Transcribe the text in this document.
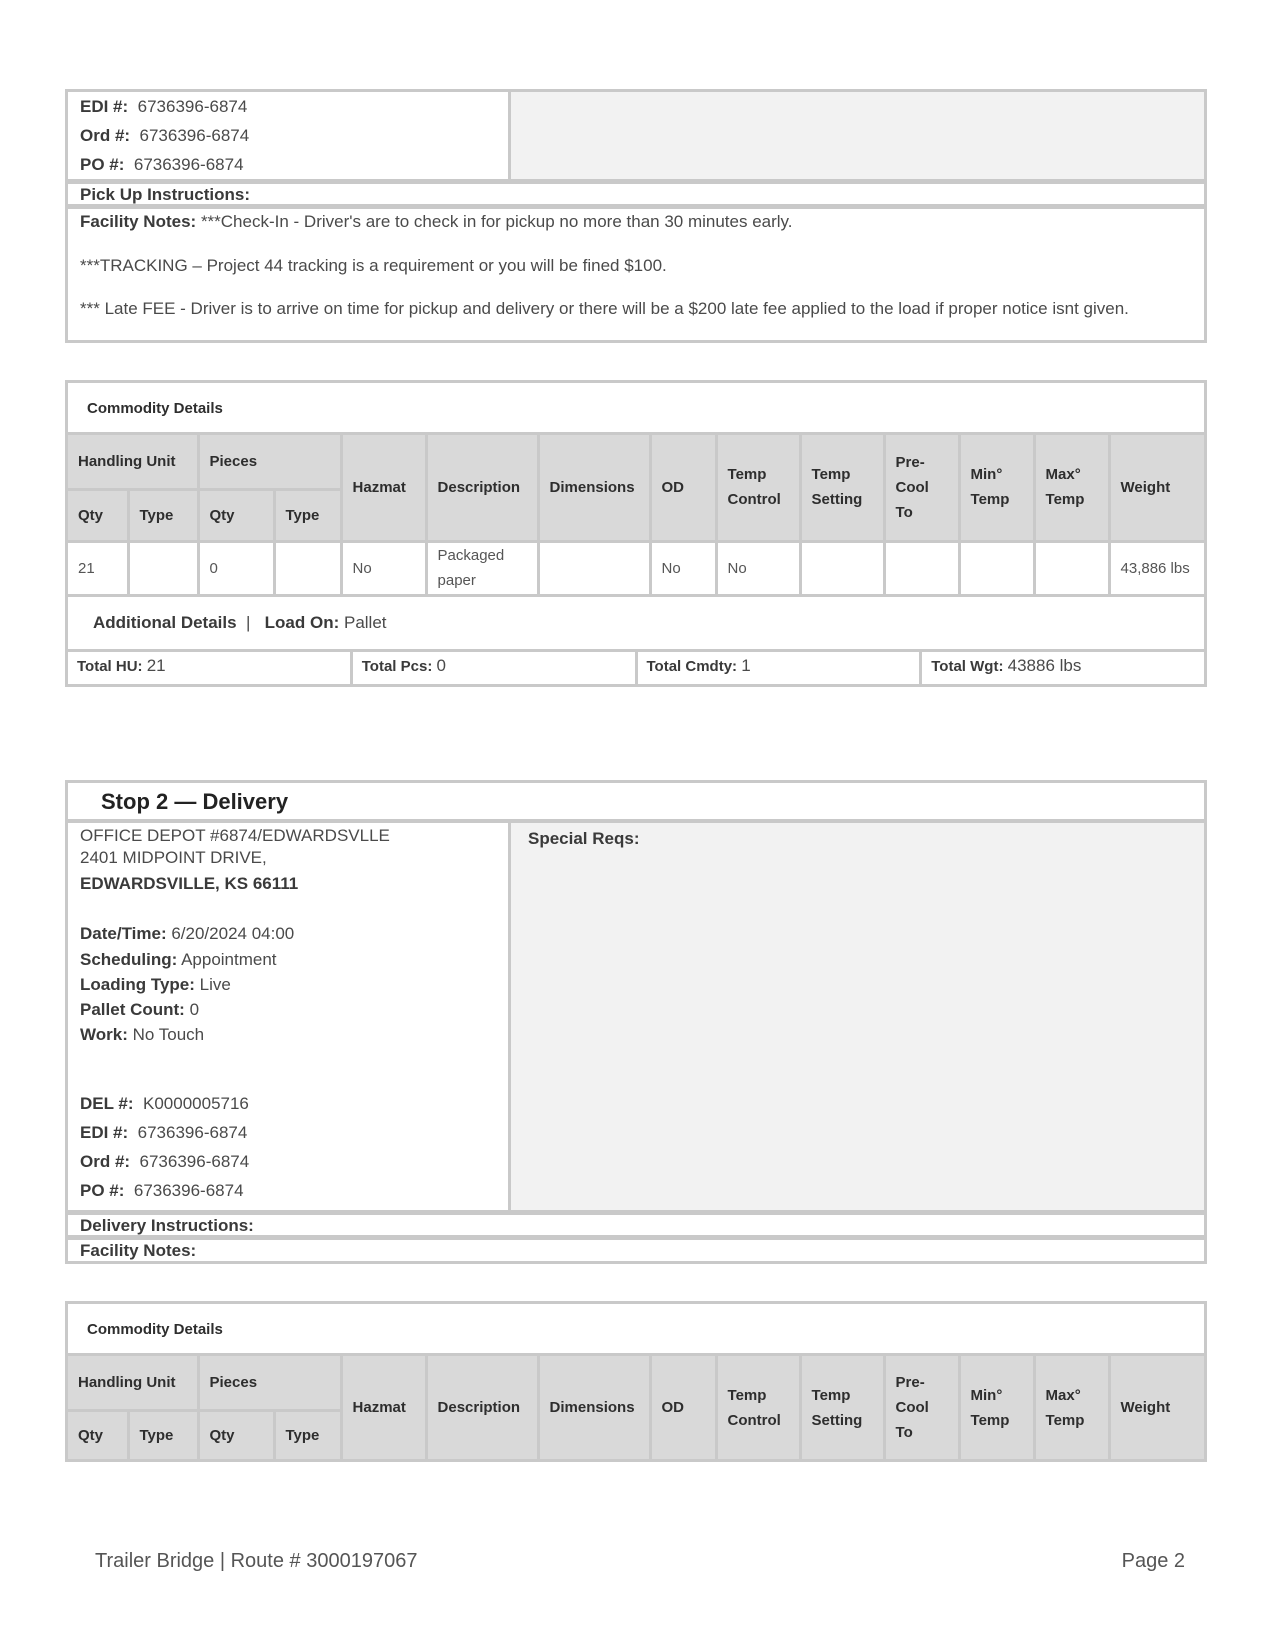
EDI #: 6736396-6874
Ord #: 6736396-6874
PO #: 6736396-6874
Pick Up Instructions:
Facility Notes: ***Check-In - Driver's are to check in for pickup no more than 30 minutes early.
***TRACKING – Project 44 tracking is a requirement or you will be fined $100.
*** Late FEE - Driver is to arrive on time for pickup and delivery or there will be a $200 late fee applied to the load if proper notice isnt given.
Commodity Details
Handling Unit		Pieces		Hazmat	Description	Dimensions	OD	Temp Control	Temp Setting	Pre-Cool To	Min° Temp	Max° Temp	Weight
Qty	Type	Qty	Type										
21		0		No	Packaged paper		No	No					43,886 lbs
Additional Details  |   Load On: Pallet
Total HU: 21	Total Pcs: 0	Total Cmdty: 1	Total Wgt: 43886 lbs
Stop 2 — Delivery
OFFICE DEPOT #6874/EDWARDSVLLE
2401 MIDPOINT DRIVE,
EDWARDSVILLE, KS 66111
Date/Time: 6/20/2024 04:00
Scheduling: Appointment
Loading Type: Live
Pallet Count: 0
Work: No Touch
DEL #: K0000005716
EDI #: 6736396-6874
Ord #: 6736396-6874
PO #: 6736396-6874
Special Reqs:
Delivery Instructions:
Facility Notes:
Commodity Details
Handling Unit		Pieces		Hazmat	Description	Dimensions	OD	Temp Control	Temp Setting	Pre-Cool To	Min° Temp	Max° Temp	Weight
Qty	Type	Qty	Type										
Trailer Bridge | Route # 3000197067	Page 2
